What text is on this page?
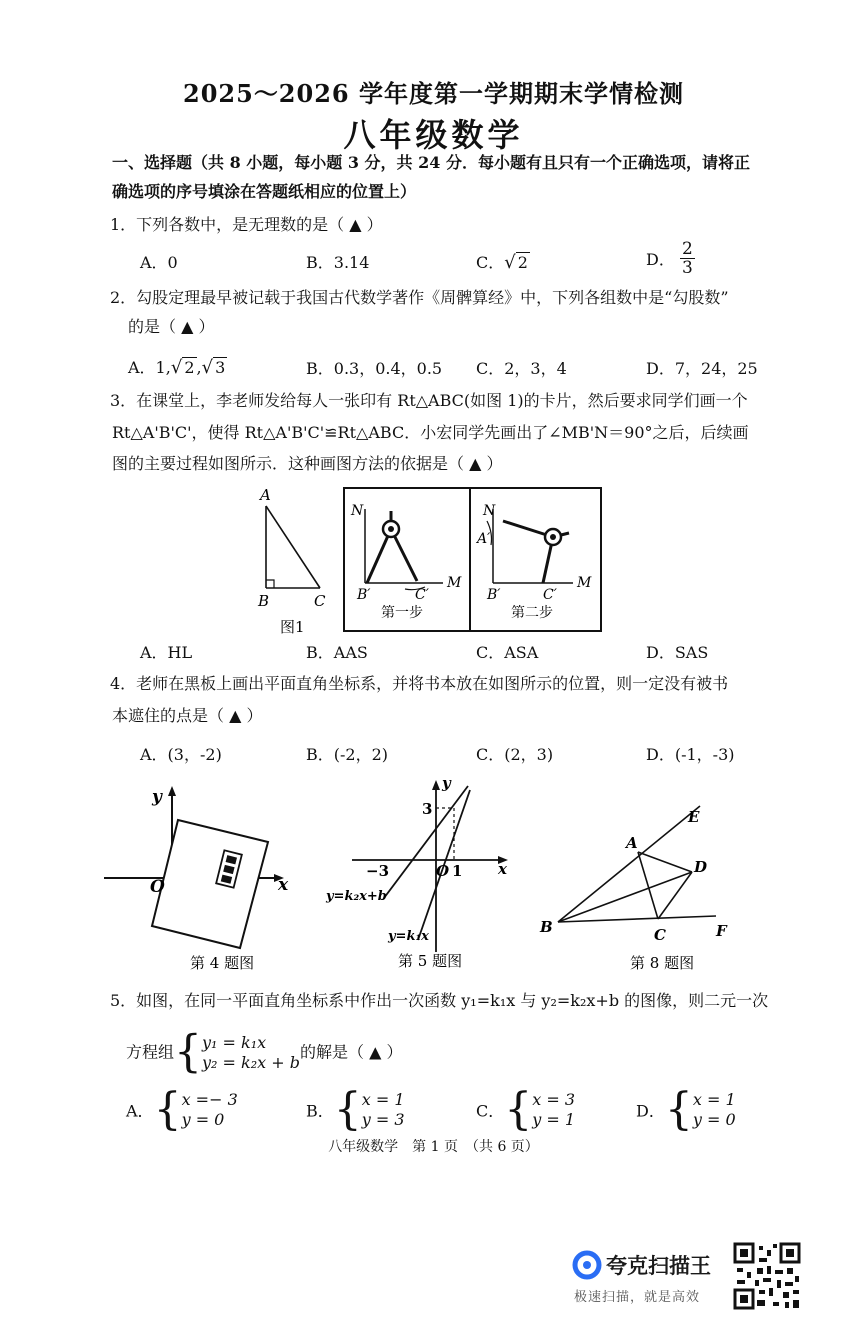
2025～2026 学年度第一学期期末学情检测
八年级数学
一、选择题（共 8 小题，每小题 3 分，共 24 分．每小题有且只有一个正确选项，请将正
确选项的序号填涂在答题纸相应的位置上）
1．下列各数中，是无理数的是（ ▲ ）
A．0	B．3.14	C．√ 2	D． $\frac{2}{3}$
2．勾股定理最早被记载于我国古代数学著作《周髀算经》中，下列各组数中是“勾股数”
的是（ ▲ ）
A．1,√ 2 ,√ 3	B．0.3，0.4，0.5 C．2，3，4	D．7，24，25
3．在课堂上，李老师发给每人一张印有 Rt△ABC(如图 1)的卡片，然后要求同学们画一个
Rt△A'B'C'，使得 Rt△A'B'C'≌Rt△ABC．小宏同学先画出了∠MB'N＝90°之后，后续画
图的主要过程如图所示．这种画图方法的依据是（ ▲ ）
A
B	C
图1
N
B′	C′
M
第一步
N
A′
B′	C′
M
第二步
A．HL	B．AAS	C．ASA	D．SAS
4．老师在黑板上画出平面直角坐标系，并将书本放在如图所示的位置，则一定没有被书
本遮住的点是（ ▲ ）
A．(3，-2)	B．(-2，2)	C．(2，3)	D．(-1，-3)
y
x
O
第 4 题图
y
x
3
−3	O 1
y=k₂x+b
y=k₁x
第 5 题图
A
B	C
D
E
F
第 8 题图
5．如图，在同一平面直角坐标系中作出一次函数 y₁=k₁x 与 y₂=k₂x+b 的图像，则二元一次
方程组{y₁ = k₁x
y₂ = k₂x + b的解是（ ▲ ）
A．{x =− 3
y = 0	B．{x = 1
y = 3	C．{x = 3
y = 1	D．{x = 1
y = 0
八年级数学　第 1 页　（共 6 页）
夸克扫描王
极速扫描，就是高效
